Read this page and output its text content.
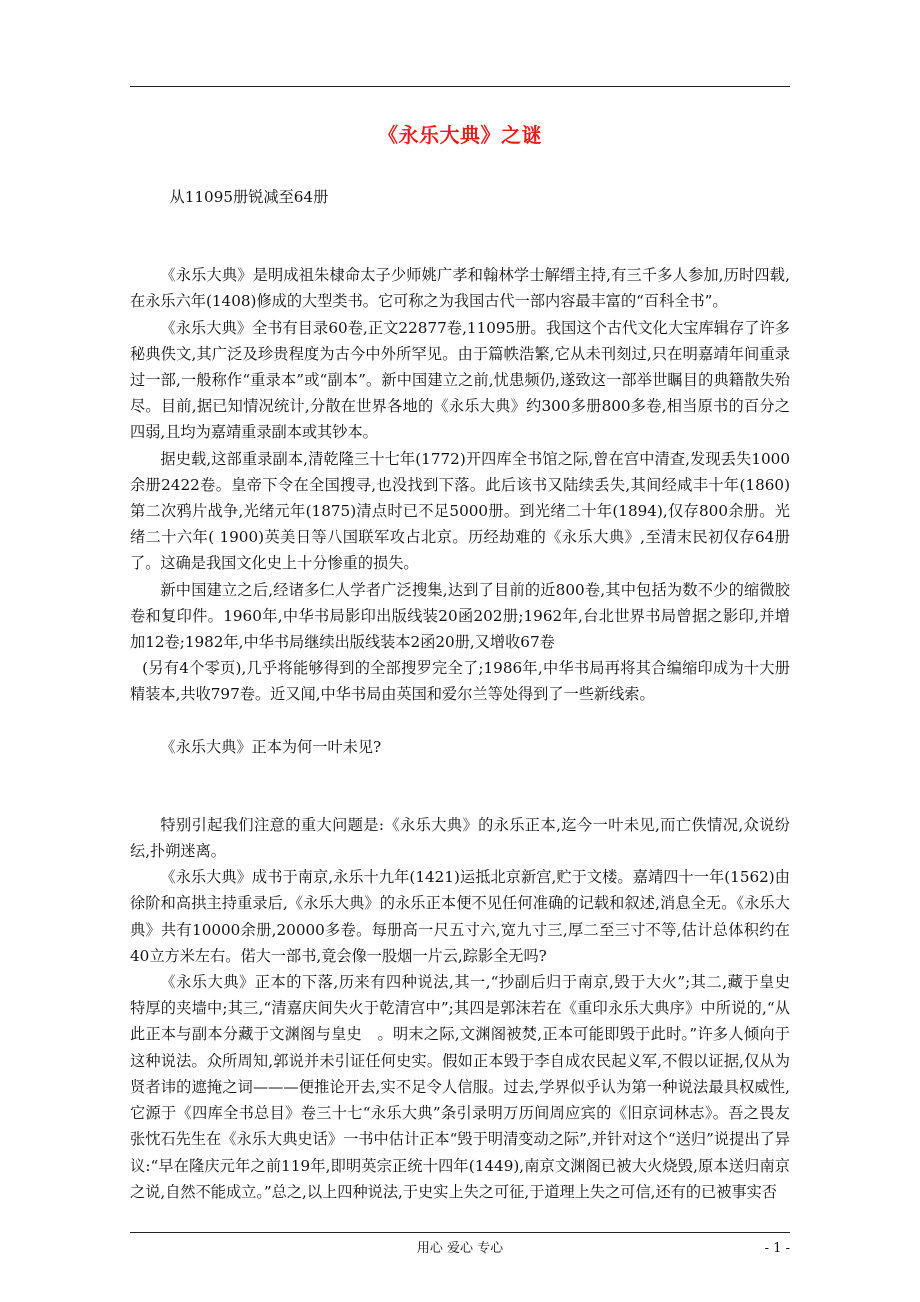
《永乐大典》之谜

从11095册锐减至64册

《永乐大典》是明成祖朱棣命太子少师姚广孝和翰林学士解缙主持,有三千多人参加,历时四载,在永乐六年(1408)修成的大型类书。它可称之为我国古代一部内容最丰富的“百科全书”。

《永乐大典》全书有目录60卷,正文22877卷,11095册。我国这个古代文化大宝库辑存了许多秘典佚文,其广泛及珍贵程度为古今中外所罕见。由于篇帙浩繁,它从未刊刻过,只在明嘉靖年间重录过一部,一般称作“重录本”或“副本”。新中国建立之前,忧患频仍,遂致这一部举世瞩目的典籍散失殆尽。目前,据已知情况统计,分散在世界各地的《永乐大典》约300多册800多卷,相当原书的百分之四弱,且均为嘉靖重录副本或其钞本。

据史载,这部重录副本,清乾隆三十七年(1772)开四库全书馆之际,曾在宫中清查,发现丢失1000余册2422卷。皇帝下令在全国搜寻,也没找到下落。此后该书又陆续丢失,其间经咸丰十年(1860)第二次鸦片战争,光绪元年(1875)清点时已不足5000册。到光绪二十年(1894),仅存800余册。光绪二十六年( 1900)英美日等八国联军攻占北京。历经劫难的《永乐大典》,至清末民初仅存64册了。这确是我国文化史上十分惨重的损失。

新中国建立之后,经诸多仁人学者广泛搜集,达到了目前的近800卷,其中包括为数不少的缩微胶卷和复印件。1960年,中华书局影印出版线装20函202册;1962年,台北世界书局曾据之影印,并增加12卷;1982年,中华书局继续出版线装本2函20册,又增收67卷

(另有4个零页),几乎将能够得到的全部搜罗完全了;1986年,中华书局再将其合编缩印成为十大册精装本,共收797卷。近又闻,中华书局由英国和爱尔兰等处得到了一些新线索。

《永乐大典》正本为何一叶未见?

特别引起我们注意的重大问题是:《永乐大典》的永乐正本,迄今一叶未见,而亡佚情况,众说纷纭,扑朔迷离。

《永乐大典》成书于南京,永乐十九年(1421)运抵北京新宫,贮于文楼。嘉靖四十一年(1562)由徐阶和高拱主持重录后,《永乐大典》的永乐正本便不见任何准确的记载和叙述,消息全无。《永乐大典》共有10000余册,20000多卷。每册高一尺五寸六,宽九寸三,厚二至三寸不等,估计总体积约在40立方米左右。偌大一部书,竟会像一股烟一片云,踪影全无吗?

《永乐大典》正本的下落,历来有四种说法,其一,“抄副后归于南京,毁于大火”;其二,藏于皇史　特厚的夹墙中;其三,“清嘉庆间失火于乾清宫中”;其四是郭沫若在《重印永乐大典序》中所说的,“从此正本与副本分藏于文渊阁与皇史　。明末之际,文渊阁被焚,正本可能即毁于此时。”许多人倾向于这种说法。众所周知,郭说并未引证任何史实。假如正本毁于李自成农民起义军,不假以证据,仅从为贤者讳的遮掩之词———便推论开去,实不足令人信服。过去,学界似乎认为第一种说法最具权威性,它源于《四库全书总目》卷三十七“永乐大典”条引录明万历间周应宾的《旧京词林志》。吾之畏友张忱石先生在《永乐大典史话》一书中估计正本“毁于明清变动之际”,并针对这个“送归”说提出了异议:“早在隆庆元年之前119年,即明英宗正统十四年(1449),南京文渊阁已被大火烧毁,原本送归南京之说,自然不能成立。”总之,以上四种说法,于史实上失之可征,于道理上失之可信,还有的已被事实否

用心 爱心 专心	- 1 -
